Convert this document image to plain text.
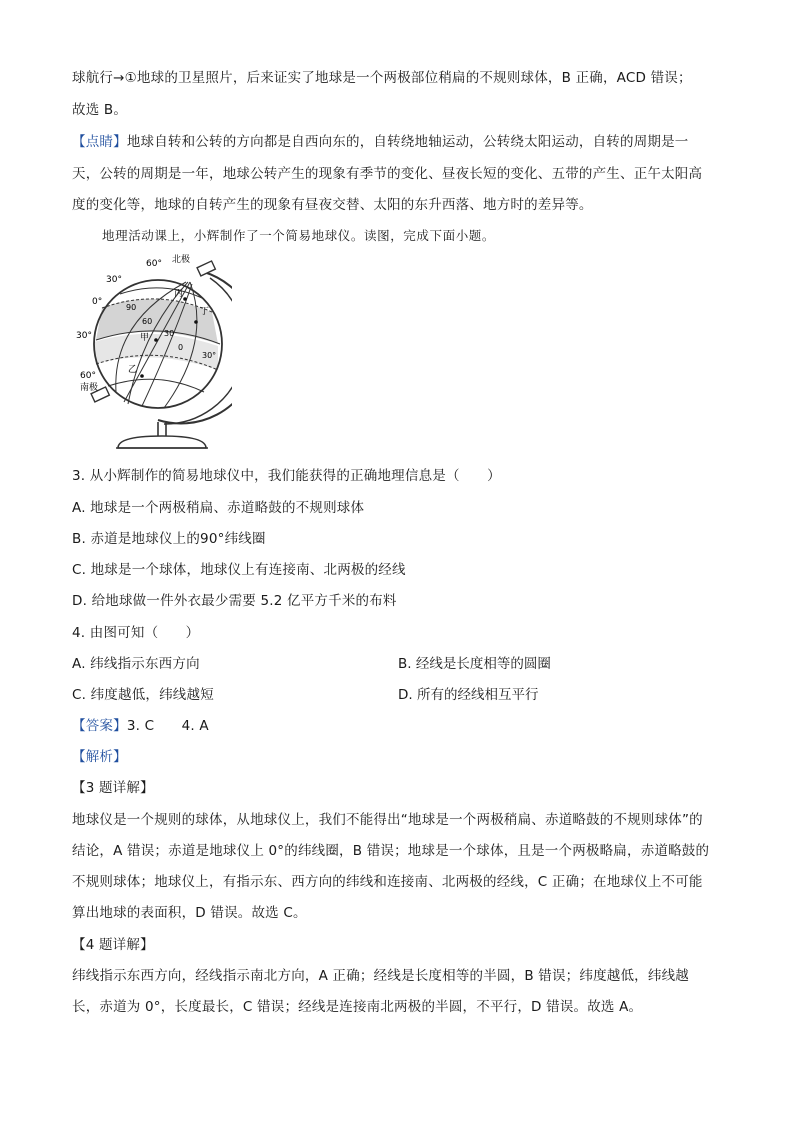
球航行→①地球的卫星照片，后来证实了地球是一个两极部位稍扁的不规则球体，B 正确，ACD 错误；
故选 B。
【点睛】地球自转和公转的方向都是自西向东的，自转绕地轴运动，公转绕太阳运动，自转的周期是一
天，公转的周期是一年，地球公转产生的现象有季节的变化、昼夜长短的变化、五带的产生、正午太阳高
度的变化等，地球的自转产生的现象有昼夜交替、太阳的东升西落、地方时的差异等。
地理活动课上，小辉制作了一个简易地球仪。读图，完成下面小题。
60° 北极
30°
0°
30°
60°
南极
90
60
30
0
30°
丙
丁
甲
乙
3. 从小辉制作的简易地球仪中，我们能获得的正确地理信息是（　　）
A. 地球是一个两极稍扁、赤道略鼓的不规则球体
B. 赤道是地球仪上的90°纬线圈
C. 地球是一个球体，地球仪上有连接南、北两极的经线
D. 给地球做一件外衣最少需要 5.2 亿平方千米的布料
4. 由图可知（　　）
A. 纬线指示东西方向	B. 经线是长度相等的圆圈
C. 纬度越低，纬线越短	D. 所有的经线相互平行
【答案】3. C　　4. A
【解析】
【3 题详解】
地球仪是一个规则的球体，从地球仪上，我们不能得出“地球是一个两极稍扁、赤道略鼓的不规则球体”的
结论，A 错误；赤道是地球仪上 0°的纬线圈，B 错误；地球是一个球体，且是一个两极略扁，赤道略鼓的
不规则球体；地球仪上，有指示东、西方向的纬线和连接南、北两极的经线，C 正确；在地球仪上不可能
算出地球的表面积，D 错误。故选 C。
【4 题详解】
纬线指示东西方向，经线指示南北方向，A 正确；经线是长度相等的半圆，B 错误；纬度越低，纬线越
长，赤道为 0°，长度最长，C 错误；经线是连接南北两极的半圆，不平行，D 错误。故选 A。
